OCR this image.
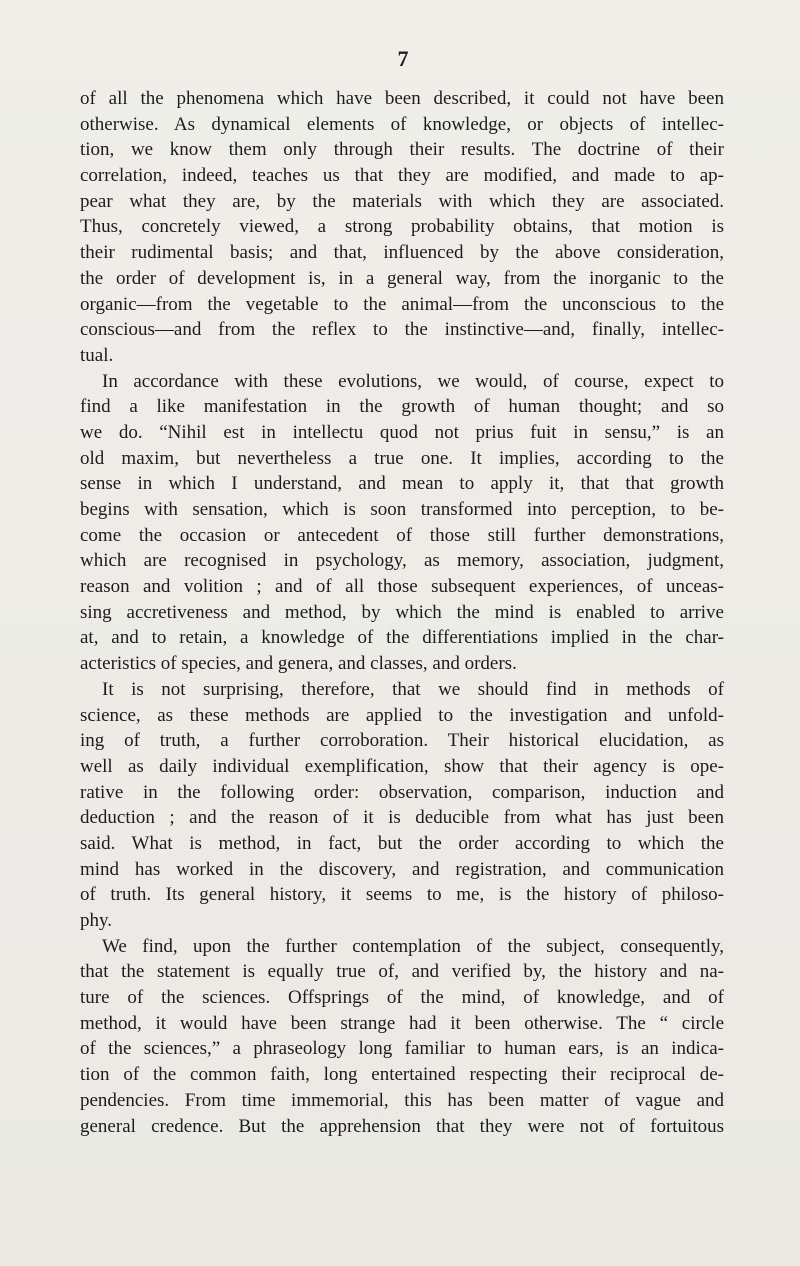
7
of all the phenomena which have been described, it could not have been
otherwise. As dynamical elements of knowledge, or objects of intellec-
tion, we know them only through their results. The doctrine of their
correlation, indeed, teaches us that they are modified, and made to ap-
pear what they are, by the materials with which they are associated.
Thus, concretely viewed, a strong probability obtains, that motion is
their rudimental basis; and that, influenced by the above consideration,
the order of development is, in a general way, from the inorganic to the
organic—from the vegetable to the animal—from the unconscious to the
conscious—and from the reflex to the instinctive—and, finally, intellec-
tual.
In accordance with these evolutions, we would, of course, expect to
find a like manifestation in the growth of human thought; and so
we do. “Nihil est in intellectu quod not prius fuit in sensu,” is an
old maxim, but nevertheless a true one. It implies, according to the
sense in which I understand, and mean to apply it, that that growth
begins with sensation, which is soon transformed into perception, to be-
come the occasion or antecedent of those still further demonstrations,
which are recognised in psychology, as memory, association, judgment,
reason and volition ; and of all those subsequent experiences, of unceas-
sing accretiveness and method, by which the mind is enabled to arrive
at, and to retain, a knowledge of the differentiations implied in the char-
acteristics of species, and genera, and classes, and orders.
It is not surprising, therefore, that we should find in methods of
science, as these methods are applied to the investigation and unfold-
ing of truth, a further corroboration. Their historical elucidation, as
well as daily individual exemplification, show that their agency is ope-
rative in the following order: observation, comparison, induction and
deduction ; and the reason of it is deducible from what has just been
said. What is method, in fact, but the order according to which the
mind has worked in the discovery, and registration, and communication
of truth. Its general history, it seems to me, is the history of philoso-
phy.
We find, upon the further contemplation of the subject, consequently,
that the statement is equally true of, and verified by, the history and na-
ture of the sciences. Offsprings of the mind, of knowledge, and of
method, it would have been strange had it been otherwise. The “ circle
of the sciences,” a phraseology long familiar to human ears, is an indica-
tion of the common faith, long entertained respecting their reciprocal de-
pendencies. From time immemorial, this has been matter of vague and
general credence. But the apprehension that they were not of fortuitous
